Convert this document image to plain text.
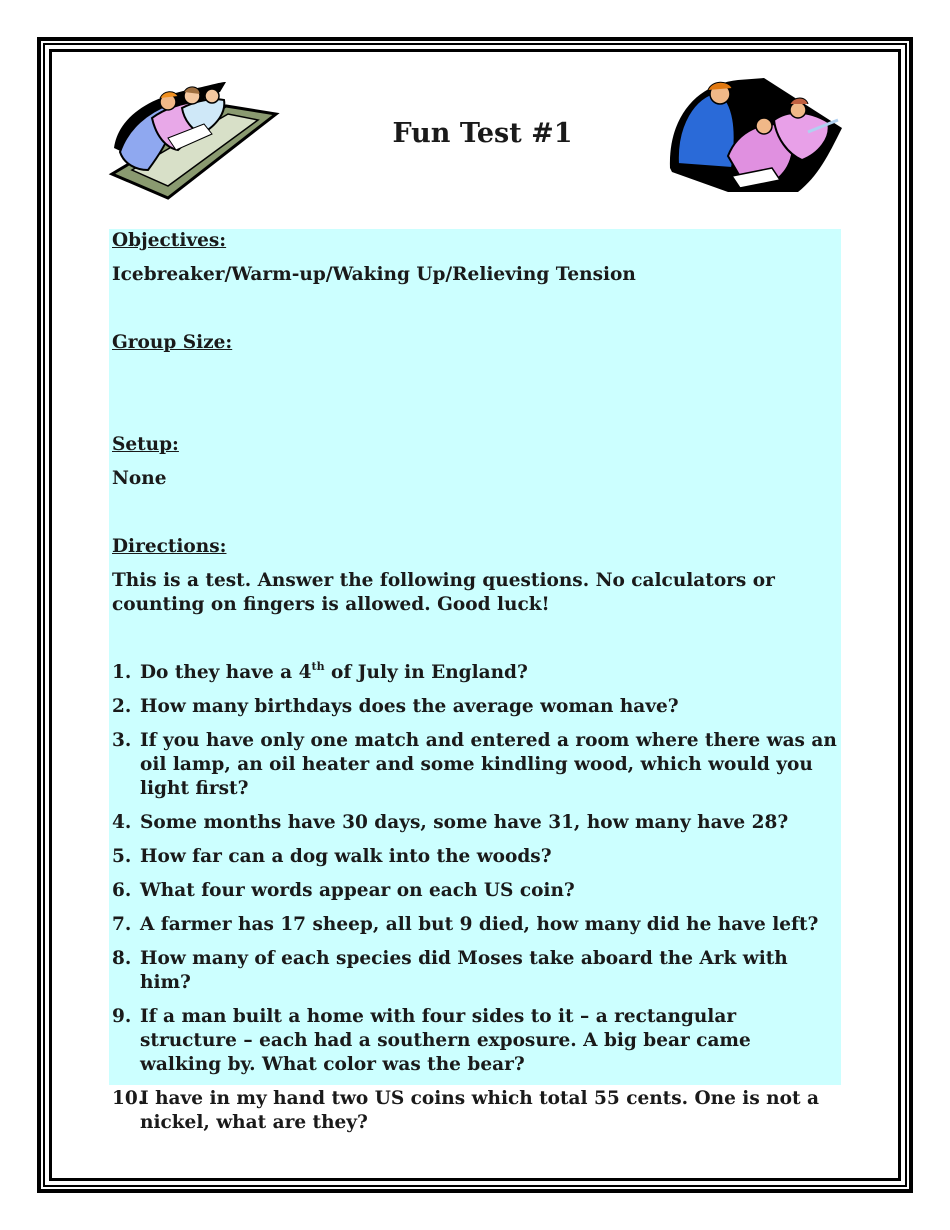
Fun Test #1

Objectives:

Icebreaker/Warm-up/Waking Up/Relieving Tension

Group Size:

Setup:

None

Directions:

This is a test. Answer the following questions. No calculators or counting on fingers is allowed. Good luck!

1. Do they have a 4th of July in England?
2. How many birthdays does the average woman have?
3. If you have only one match and entered a room where there was an oil lamp, an oil heater and some kindling wood, which would you light first?
4. Some months have 30 days, some have 31, how many have 28?
5. How far can a dog walk into the woods?
6. What four words appear on each US coin?
7. A farmer has 17 sheep, all but 9 died, how many did he have left?
8. How many of each species did Moses take aboard the Ark with him?
9. If a man built a home with four sides to it – a rectangular structure – each had a southern exposure. A big bear came walking by. What color was the bear?
10.
I have in my hand two US coins which total 55 cents. One is not a nickel, what are they?
